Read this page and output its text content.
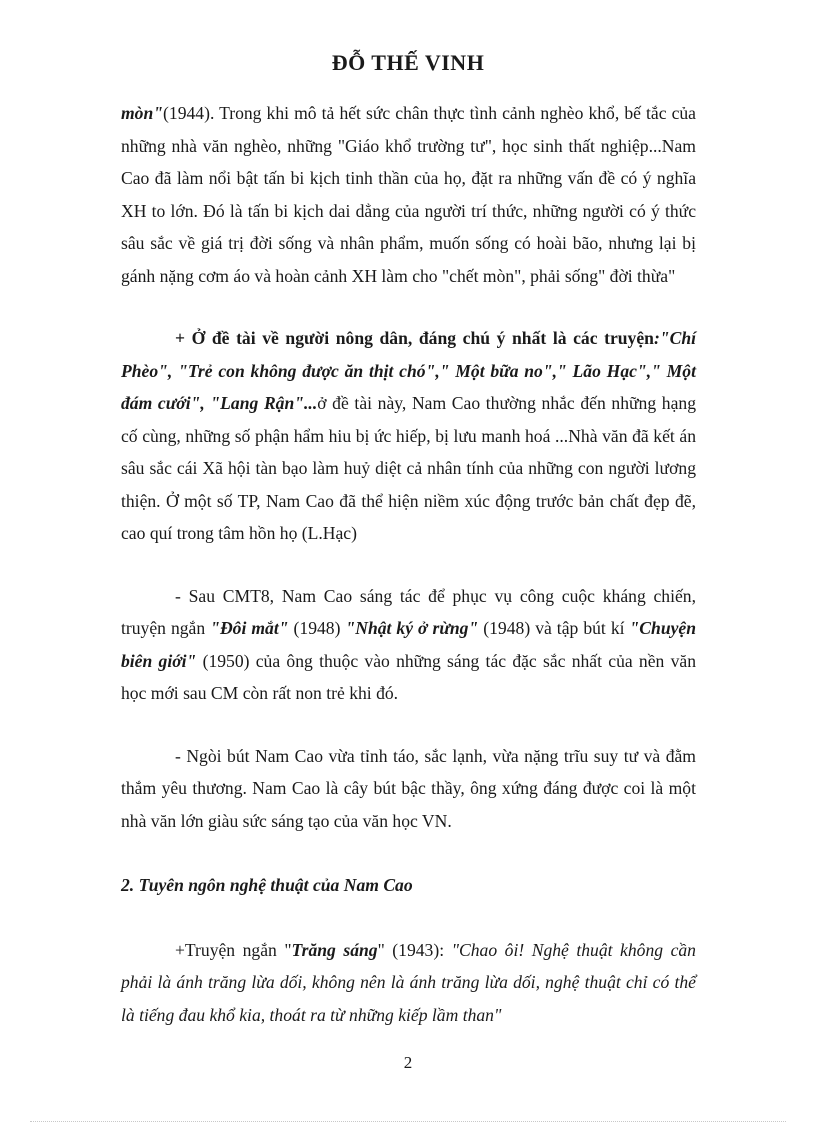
ĐỖ THẾ VINH

mòn"(1944). Trong khi mô tả hết sức chân thực tình cảnh nghèo khổ, bế tắc của những nhà văn nghèo, những "Giáo khổ trường tư", học sinh thất nghiệp...Nam Cao đã làm nổi bật tấn bi kịch tinh thần của họ, đặt ra những vấn đề có ý nghĩa XH to lớn. Đó là tấn bi kịch dai dẳng của người trí thức, những người có ý thức sâu sắc về giá trị đời sống và nhân phẩm, muốn sống có hoài bão, nhưng lại bị gánh nặng cơm áo và hoàn cảnh XH làm cho "chết mòn", phải sống" đời thừa"

+ Ở đề tài về người nông dân, đáng chú ý nhất là các truyện:"Chí Phèo", "Trẻ con không được ăn thịt chó"," Một bữa no"," Lão Hạc"," Một đám cưới", "Lang Rận"...ở đề tài này, Nam Cao thường nhắc đến những hạng cố cùng, những số phận hẩm hiu bị ức hiếp, bị lưu manh hoá ...Nhà văn đã kết án sâu sắc cái Xã hội tàn bạo làm huỷ diệt cả nhân tính của những con người lương thiện. Ở một số TP, Nam Cao đã thể hiện niềm xúc động trước bản chất đẹp đẽ, cao quí trong tâm hồn họ (L.Hạc)

- Sau CMT8, Nam Cao sáng tác để phục vụ công cuộc kháng chiến, truyện ngắn "Đôi mắt" (1948) "Nhật ký ở rừng" (1948) và tập bút kí "Chuyện biên giới" (1950) của ông thuộc vào những sáng tác đặc sắc nhất của nền văn học mới sau CM còn rất non trẻ khi đó.

- Ngòi bút Nam Cao vừa tỉnh táo, sắc lạnh, vừa nặng trĩu suy tư và đằm thắm yêu thương. Nam Cao là cây bút bậc thầy, ông xứng đáng được coi là một nhà văn lớn giàu sức sáng tạo của văn học VN.

2. Tuyên ngôn nghệ thuật của Nam Cao

+Truyện ngắn "Trăng sáng" (1943): "Chao ôi! Nghệ thuật không cần phải là ánh trăng lừa dối, không nên là ánh trăng lừa dối, nghệ thuật chỉ có thể là tiếng đau khổ kia, thoát ra từ những kiếp lầm than"

2
